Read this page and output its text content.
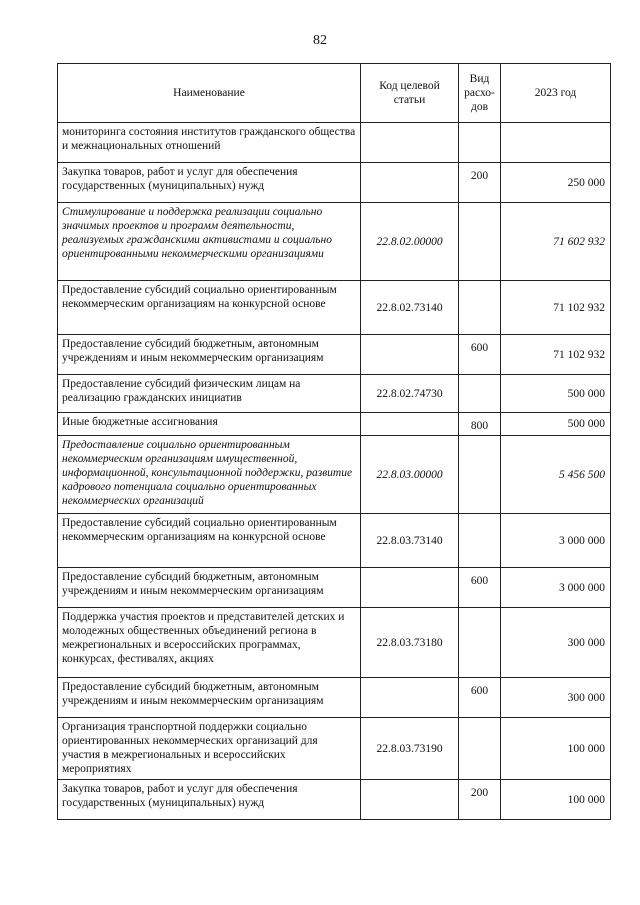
82
Наименование	Код целевой статьи	Вид расхо-дов	2023 год
мониторинга состояния институтов гражданского общества и межнациональных отношений			
Закупка товаров, работ и услуг для обеспечения государственных (муниципальных) нужд		200	250 000
Стимулирование и поддержка реализации социально значимых проектов и программ деятельности, реализуемых гражданскими активистами и социально ориентированными некоммерческими организациями	22.8.02.00000		71 602 932
Предоставление субсидий социально ориентированным некоммерческим организациям на конкурсной основе	22.8.02.73140		71 102 932
Предоставление субсидий бюджетным, автономным учреждениям и иным некоммерческим организациям		600	71 102 932
Предоставление субсидий физическим лицам на реализацию гражданских инициатив	22.8.02.74730		500 000
Иные бюджетные ассигнования		800	500 000
Предоставление социально ориентированным некоммерческим организациям имущественной, информационной, консультационной поддержки, развитие кадрового потенциала социально ориентированных некоммерческих организаций	22.8.03.00000		5 456 500
Предоставление субсидий социально ориентированным некоммерческим организациям на конкурсной основе	22.8.03.73140		3 000 000
Предоставление субсидий бюджетным, автономным учреждениям и иным некоммерческим организациям		600	3 000 000
Поддержка участия проектов и представителей детских и молодежных общественных объединений региона в межрегиональных и всероссийских программах, конкурсах, фестивалях, акциях	22.8.03.73180		300 000
Предоставление субсидий бюджетным, автономным учреждениям и иным некоммерческим организациям		600	300 000
Организация транспортной поддержки социально ориентированных некоммерческих организаций для участия в межрегиональных и всероссийских мероприятиях	22.8.03.73190		100 000
Закупка товаров, работ и услуг для обеспечения государственных (муниципальных) нужд		200	100 000
